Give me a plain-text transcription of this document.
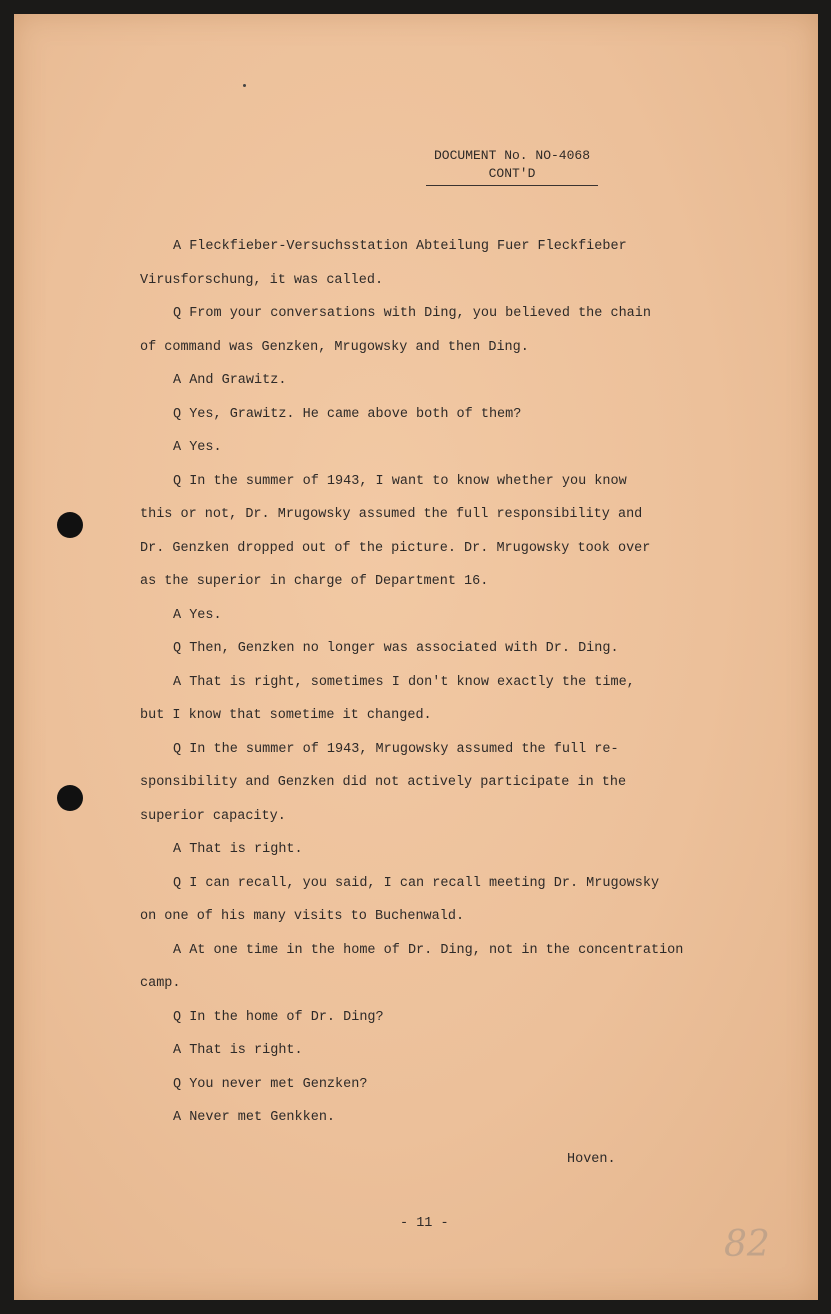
DOCUMENT No. NO-4068
CONT'D
A Fleckfieber-Versuchsstation Abteilung Fuer Fleckfieber
Virusforschung, it was called.
Q From your conversations with Ding, you believed the chain
of command was Genzken, Mrugowsky and then Ding.
A And Grawitz.
Q Yes, Grawitz. He came above both of them?
A Yes.
Q In the summer of 1943, I want to know whether you know
this or not, Dr. Mrugowsky assumed the full responsibility and
Dr. Genzken dropped out of the picture. Dr. Mrugowsky took over
as the superior in charge of Department 16.
A Yes.
Q Then, Genzken no longer was associated with Dr. Ding.
A That is right, sometimes I don't know exactly the time,
but I know that sometime it changed.
Q In the summer of 1943, Mrugowsky assumed the full re-
sponsibility and Genzken did not actively participate in the
superior capacity.
A That is right.
Q I can recall, you said, I can recall meeting Dr. Mrugowsky
on one of his many visits to Buchenwald.
A At one time in the home of Dr. Ding, not in the concentration
camp.
Q In the home of Dr. Ding?
A That is right.
Q You never met Genzken?
A Never met Genkken.
Hoven.
- 11 -
82
